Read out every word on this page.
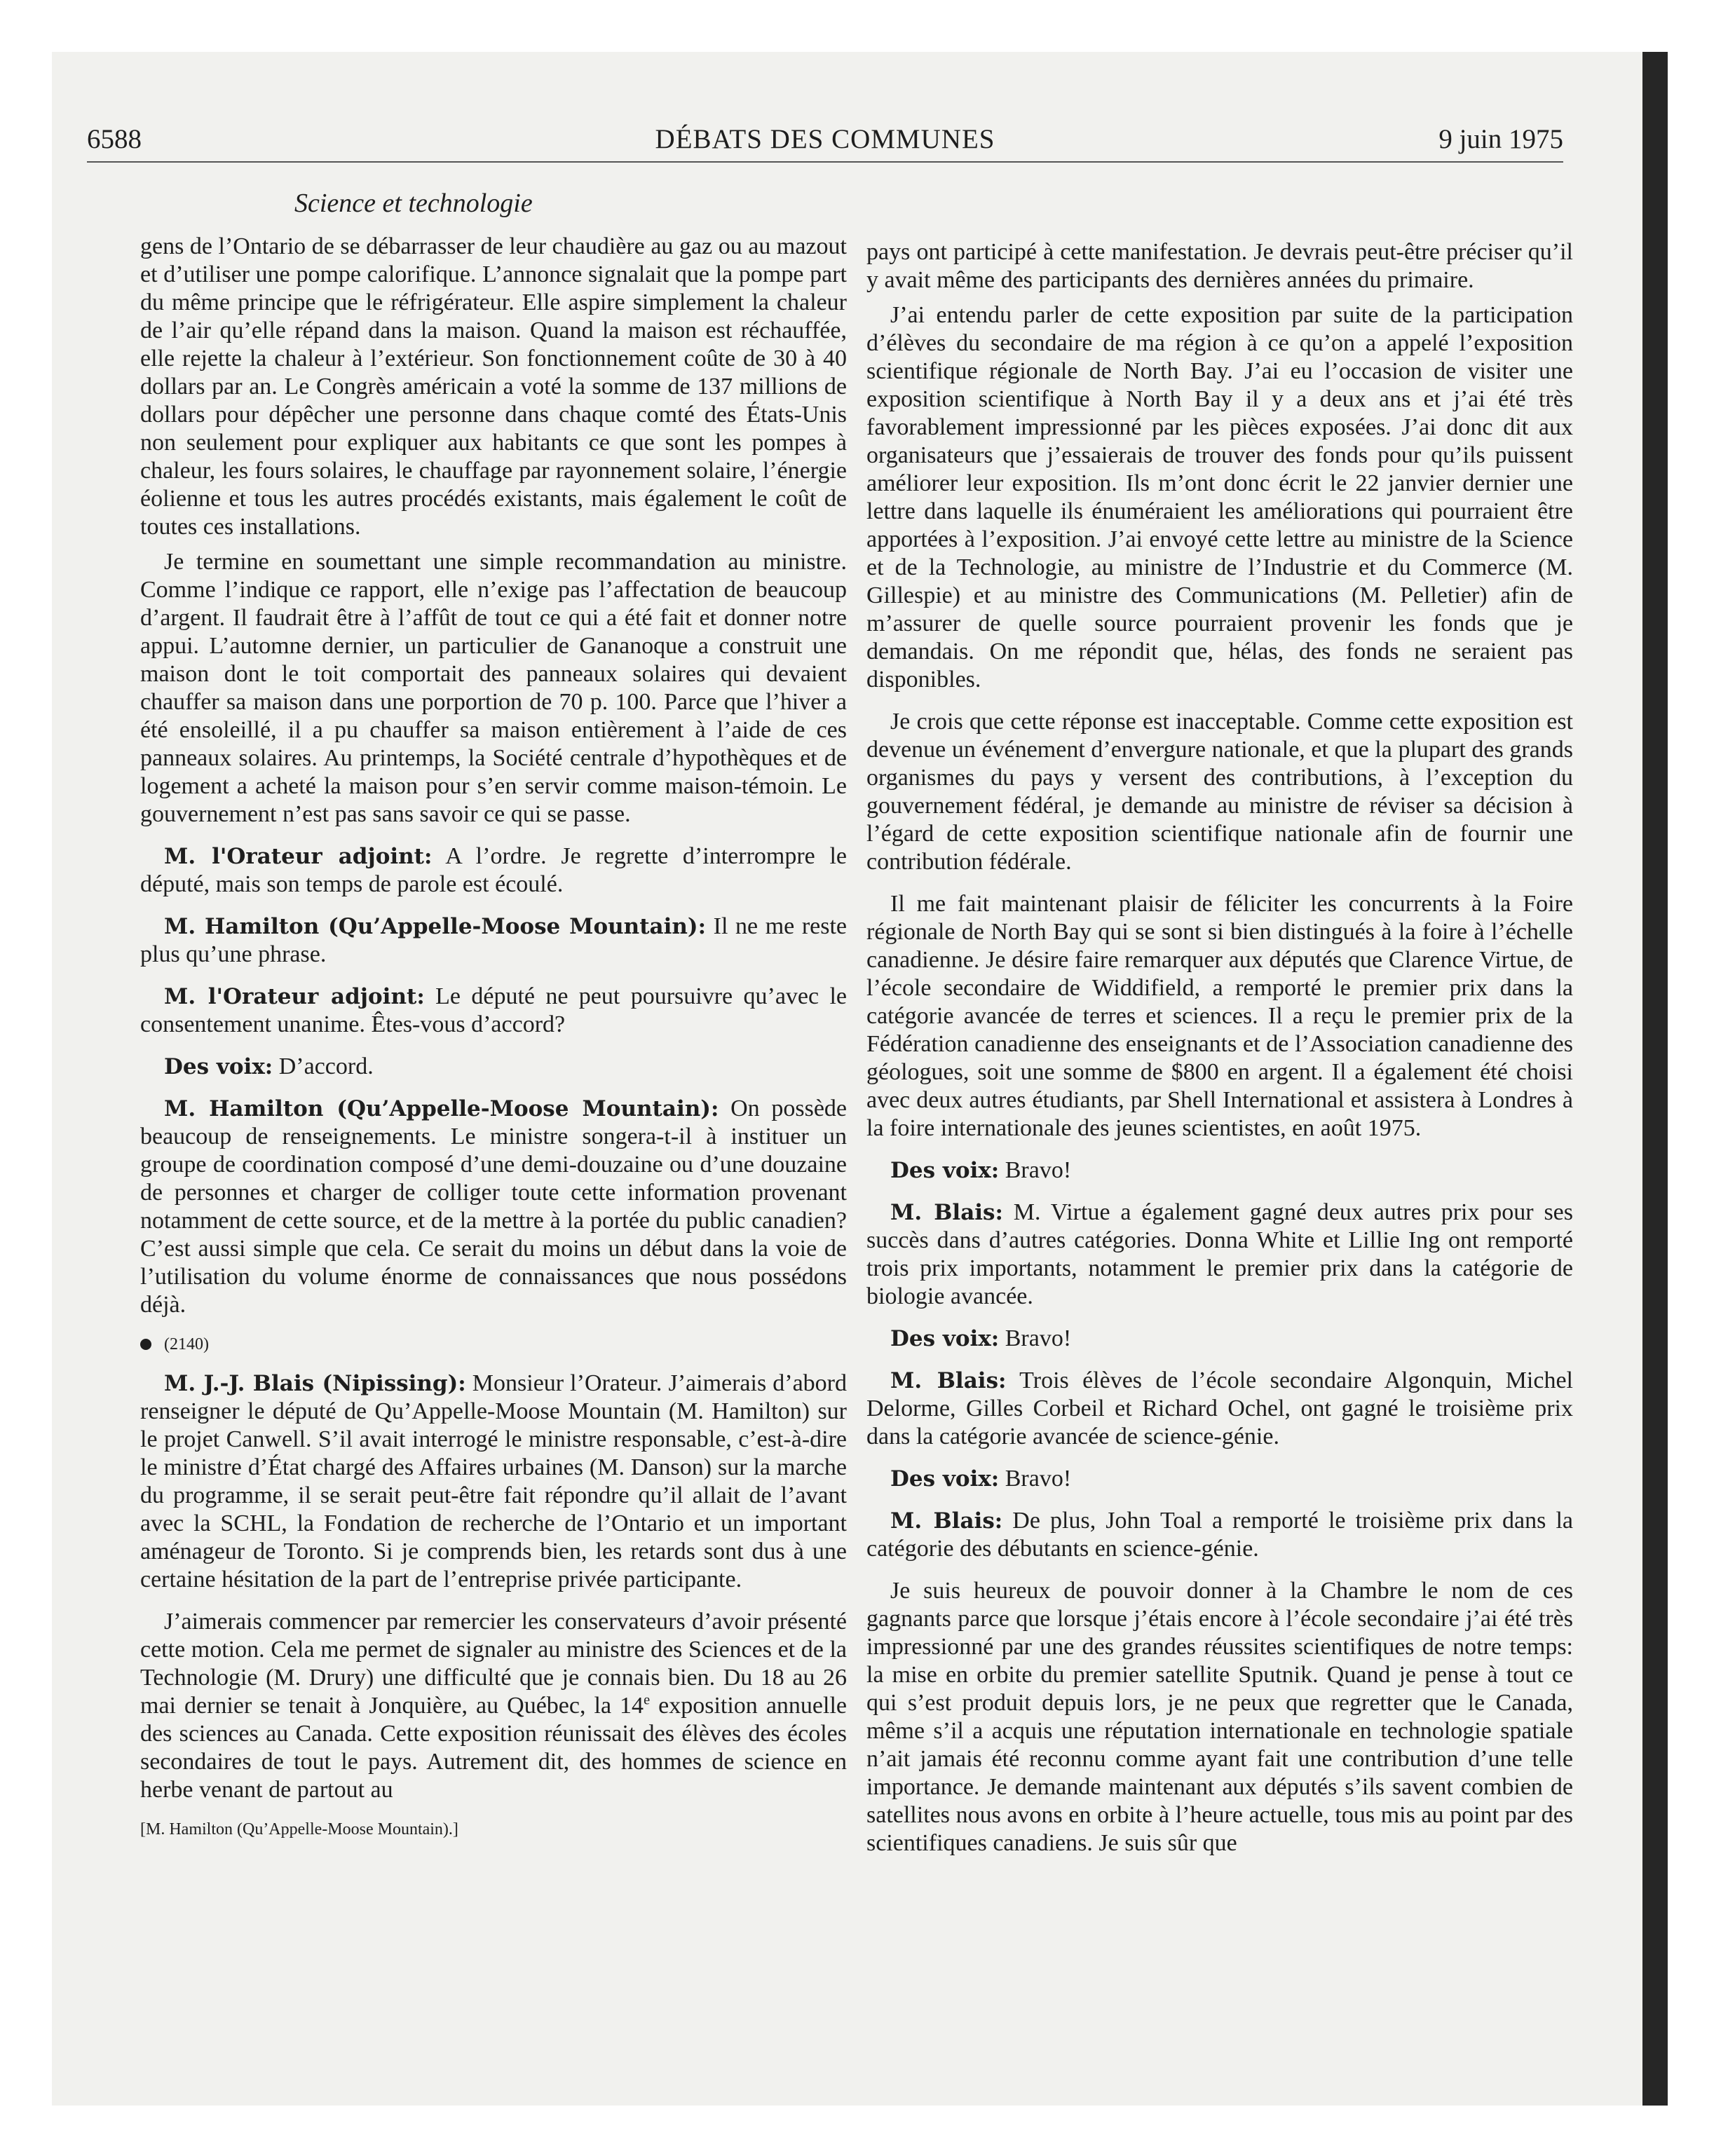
6588	DÉBATS DES COMMUNES	9 juin 1975
Science et technologie

gens de l’Ontario de se débarrasser de leur chaudière au gaz ou au mazout et d’utiliser une pompe calorifique. L’annonce signalait que la pompe part du même principe que le réfrigérateur. Elle aspire simplement la chaleur de l’air qu’elle répand dans la maison. Quand la maison est réchauffée, elle rejette la chaleur à l’extérieur. Son fonctionnement coûte de 30 à 40 dollars par an. Le Congrès américain a voté la somme de 137 millions de dollars pour dépêcher une personne dans chaque comté des États-Unis non seulement pour expliquer aux habitants ce que sont les pompes à chaleur, les fours solaires, le chauffage par rayonnement solaire, l’énergie éolienne et tous les autres procédés existants, mais également le coût de toutes ces installations.

Je termine en soumettant une simple recommandation au ministre. Comme l’indique ce rapport, elle n’exige pas l’affectation de beaucoup d’argent. Il faudrait être à l’affût de tout ce qui a été fait et donner notre appui. L’automne dernier, un particulier de Gananoque a construit une maison dont le toit comportait des panneaux solaires qui devaient chauffer sa maison dans une porportion de 70 p. 100. Parce que l’hiver a été ensoleillé, il a pu chauffer sa maison entièrement à l’aide de ces panneaux solaires. Au printemps, la Société centrale d’hypothèques et de logement a acheté la maison pour s’en servir comme maison-témoin. Le gouvernement n’est pas sans savoir ce qui se passe.

M. l'Orateur adjoint: A l’ordre. Je regrette d’interrompre le député, mais son temps de parole est écoulé.

M. Hamilton (Qu’Appelle-Moose Mountain): Il ne me reste plus qu’une phrase.

M. l'Orateur adjoint: Le député ne peut poursuivre qu’avec le consentement unanime. Êtes-vous d’accord?

Des voix: D’accord.

M. Hamilton (Qu’Appelle-Moose Mountain): On possède beaucoup de renseignements. Le ministre songera-t-il à instituer un groupe de coordination composé d’une demi-douzaine ou d’une douzaine de personnes et charger de colliger toute cette information provenant notamment de cette source, et de la mettre à la portée du public canadien? C’est aussi simple que cela. Ce serait du moins un début dans la voie de l’utilisation du volume énorme de connaissances que nous possédons déjà.

(2140)

M. J.-J. Blais (Nipissing): Monsieur l’Orateur. J’aimerais d’abord renseigner le député de Qu’Appelle-Moose Mountain (M. Hamilton) sur le projet Canwell. S’il avait interrogé le ministre responsable, c’est-à-dire le ministre d’État chargé des Affaires urbaines (M. Danson) sur la marche du programme, il se serait peut-être fait répondre qu’il allait de l’avant avec la SCHL, la Fondation de recherche de l’Ontario et un important aménageur de Toronto. Si je comprends bien, les retards sont dus à une certaine hésitation de la part de l’entreprise privée participante.

J’aimerais commencer par remercier les conservateurs d’avoir présenté cette motion. Cela me permet de signaler au ministre des Sciences et de la Technologie (M. Drury) une difficulté que je connais bien. Du 18 au 26 mai dernier se tenait à Jonquière, au Québec, la 14e exposition annuelle des sciences au Canada. Cette exposition réunissait des élèves des écoles secondaires de tout le pays. Autrement dit, des hommes de science en herbe venant de partout au

[M. Hamilton (Qu’Appelle-Moose Mountain).]

pays ont participé à cette manifestation. Je devrais peut-être préciser qu’il y avait même des participants des dernières années du primaire.

J’ai entendu parler de cette exposition par suite de la participation d’élèves du secondaire de ma région à ce qu’on a appelé l’exposition scientifique régionale de North Bay. J’ai eu l’occasion de visiter une exposition scientifique à North Bay il y a deux ans et j’ai été très favorablement impressionné par les pièces exposées. J’ai donc dit aux organisateurs que j’essaierais de trouver des fonds pour qu’ils puissent améliorer leur exposition. Ils m’ont donc écrit le 22 janvier dernier une lettre dans laquelle ils énuméraient les améliorations qui pourraient être apportées à l’exposition. J’ai envoyé cette lettre au ministre de la Science et de la Technologie, au ministre de l’Industrie et du Commerce (M. Gillespie) et au ministre des Communications (M. Pelletier) afin de m’assurer de quelle source pourraient provenir les fonds que je demandais. On me répondit que, hélas, des fonds ne seraient pas disponibles.

Je crois que cette réponse est inacceptable. Comme cette exposition est devenue un événement d’envergure nationale, et que la plupart des grands organismes du pays y versent des contributions, à l’exception du gouvernement fédéral, je demande au ministre de réviser sa décision à l’égard de cette exposition scientifique nationale afin de fournir une contribution fédérale.

Il me fait maintenant plaisir de féliciter les concurrents à la Foire régionale de North Bay qui se sont si bien distingués à la foire à l’échelle canadienne. Je désire faire remarquer aux députés que Clarence Virtue, de l’école secondaire de Widdifield, a remporté le premier prix dans la catégorie avancée de terres et sciences. Il a reçu le premier prix de la Fédération canadienne des enseignants et de l’Association canadienne des géologues, soit une somme de $800 en argent. Il a également été choisi avec deux autres étudiants, par Shell International et assistera à Londres à la foire internationale des jeunes scientistes, en août 1975.

Des voix: Bravo!

M. Blais: M. Virtue a également gagné deux autres prix pour ses succès dans d’autres catégories. Donna White et Lillie Ing ont remporté trois prix importants, notamment le premier prix dans la catégorie de biologie avancée.

Des voix: Bravo!

M. Blais: Trois élèves de l’école secondaire Algonquin, Michel Delorme, Gilles Corbeil et Richard Ochel, ont gagné le troisième prix dans la catégorie avancée de science-génie.

Des voix: Bravo!

M. Blais: De plus, John Toal a remporté le troisième prix dans la catégorie des débutants en science-génie.

Je suis heureux de pouvoir donner à la Chambre le nom de ces gagnants parce que lorsque j’étais encore à l’école secondaire j’ai été très impressionné par une des grandes réussites scientifiques de notre temps: la mise en orbite du premier satellite Sputnik. Quand je pense à tout ce qui s’est produit depuis lors, je ne peux que regretter que le Canada, même s’il a acquis une réputation internationale en technologie spatiale n’ait jamais été reconnu comme ayant fait une contribution d’une telle importance. Je demande maintenant aux députés s’ils savent combien de satellites nous avons en orbite à l’heure actuelle, tous mis au point par des scientifiques canadiens. Je suis sûr que
